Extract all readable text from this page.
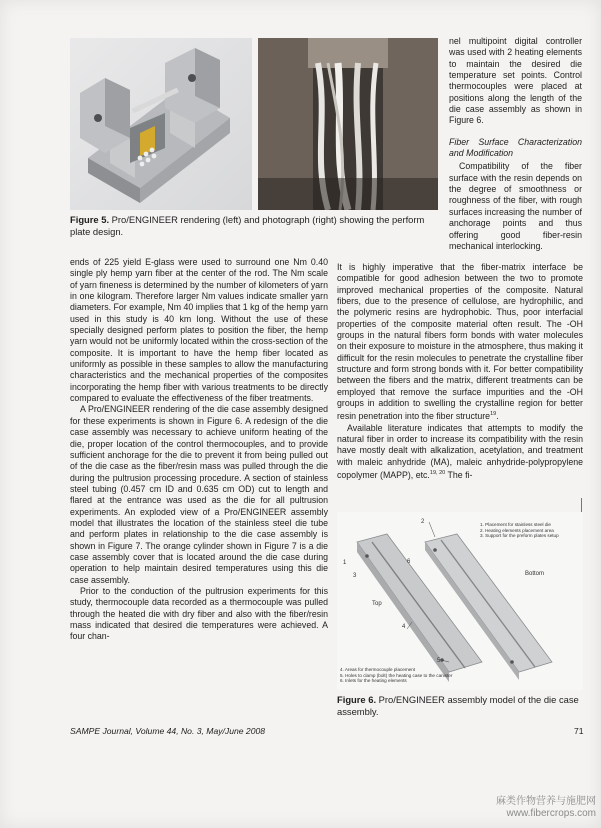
Figure 5. Pro/ENGINEER rendering (left) and photograph (right) showing the perform plate design.

nel multipoint digital controller was used with 2 heating elements to maintain the desired die temperature set points. Control thermocouples were placed at positions along the length of the die case assembly as shown in Figure 6.

Fiber Surface Characterization and Modification

Compatibility of the fiber surface with the resin depends on the degree of smoothness or roughness of the fiber, with rough surfaces increasing the number of anchorage points and thus offering good fiber-resin mechanical interlocking.

It is highly imperative that the fiber-matrix interface be compatible for good adhesion between the two to promote improved mechanical properties of the composite. Natural fibers, due to the presence of cellulose, are hydrophilic, and the polymeric resins are hydrophobic. Thus, poor interfacial properties of the composite material often result. The -OH groups in the natural fibers form bonds with water molecules on their exposure to moisture in the atmosphere, thus making it difficult for the resin molecules to penetrate the crystalline fiber structure and form strong bonds with it. For better compatibility between the fibers and the matrix, different treatments can be employed that remove the surface impurities and the -OH groups in addition to swelling the crystalline region for better resin penetration into the fiber structure$^{19}$.

Available literature indicates that attempts to modify the natural fiber in order to increase its compatibility with the resin have mostly dealt with alkalization, acetylation, and treatment with maleic anhydride (MA), maleic anhydride-polypropylene copolymer (MAPP), etc.$^{19, 20}$ The fi-

ends of 225 yield E-glass were used to surround one Nm 0.40 single ply hemp yarn fiber at the center of the rod. The Nm scale of yarn fineness is determined by the number of kilometers of yarn in one kilogram. Therefore larger Nm values indicate smaller yarn diameters. For example, Nm 40 implies that 1 kg of the hemp yarn used in this study is 40 km long. Without the use of these specially designed perform plates to position the fiber, the hemp yarn would not be uniformly located within the cross-section of the composite. It is important to have the hemp fiber located as uniformly as possible in these samples to allow the manufacturing characteristics and the mechanical properties of the composites incorporating the hemp fiber with various treatments to be directly compared to evaluate the effectiveness of the fiber treatments.

A Pro/ENGINEER rendering of the die case assembly designed for these experiments is shown in Figure 6. A redesign of the die case assembly was necessary to achieve uniform heating of the die, proper location of the control thermocouples, and to provide sufficient anchorage for the die to prevent it from being pulled out of the die case as the fiber/resin mass was pulled through the die during the pultrusion processing procedure. A section of stainless steel tubing (0.457 cm ID and 0.635 cm OD) cut to length and flared at the entrance was used as the die for all pultrusion experiments. An exploded view of a Pro/ENGINEER assembly model that illustrates the location of the stainless steel die tube and perform plates in relationship to the die case assembly is shown in Figure 7. The orange cylinder shown in Figure 7 is a die case assembly cover that is located around the die case during operation to help maintain desired temperatures using this die case assembly.

Prior to the conduction of the pultrusion experiments for this study, thermocouple data recorded as a thermocouple was pulled through the heated die with dry fiber and also with the fiber/resin mass indicated that desired die temperatures were achieved. A four chan-

2
1
3
6
4
5
Top
Bottom
1. Placement for stainless steel die
2. Heating elements placement area
3. Support for the preform plates setup
4. Areas for thermocouple placement
5. Holes to clamp (bolt) the heating case to the canister
6. Inlets for the heating elements
Figure 6. Pro/ENGINEER assembly model of the die case assembly.
SAMPE Journal, Volume 44, No. 3, May/June 2008	71
麻类作物营养与施肥网
www.fibercrops.com
